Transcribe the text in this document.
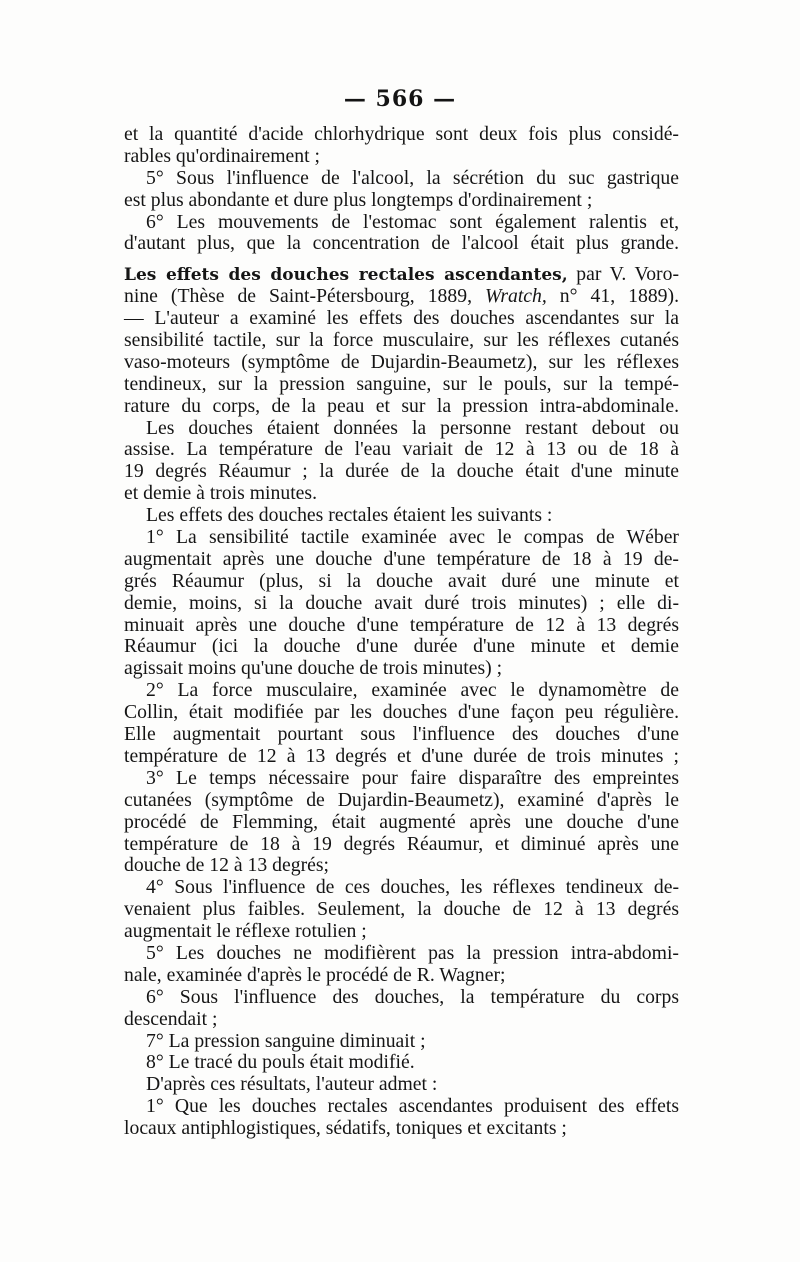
— 566 —
et la quantité d'acide chlorhydrique sont deux fois plus considé-
rables qu'ordinairement ;
5° Sous l'influence de l'alcool, la sécrétion du suc gastrique
est plus abondante et dure plus longtemps d'ordinairement ;
6° Les mouvements de l'estomac sont également ralentis et,
d'autant plus, que la concentration de l'alcool était plus grande.
Les effets des douches rectales ascendantes, par V. Voro-
nine (Thèse de Saint-Pétersbourg, 1889, Wratch, n° 41, 1889).
— L'auteur a examiné les effets des douches ascendantes sur la
sensibilité tactile, sur la force musculaire, sur les réflexes cutanés
vaso-moteurs (symptôme de Dujardin-Beaumetz), sur les réflexes
tendineux, sur la pression sanguine, sur le pouls, sur la tempé-
rature du corps, de la peau et sur la pression intra-abdominale.
Les douches étaient données la personne restant debout ou
assise. La température de l'eau variait de 12 à 13 ou de 18 à
19 degrés Réaumur ; la durée de la douche était d'une minute
et demie à trois minutes.
Les effets des douches rectales étaient les suivants :
1° La sensibilité tactile examinée avec le compas de Wéber
augmentait après une douche d'une température de 18 à 19 de-
grés Réaumur (plus, si la douche avait duré une minute et
demie, moins, si la douche avait duré trois minutes) ; elle di-
minuait après une douche d'une température de 12 à 13 degrés
Réaumur (ici la douche d'une durée d'une minute et demie
agissait moins qu'une douche de trois minutes) ;
2° La force musculaire, examinée avec le dynamomètre de
Collin, était modifiée par les douches d'une façon peu régulière.
Elle augmentait pourtant sous l'influence des douches d'une
température de 12 à 13 degrés et d'une durée de trois minutes ;
3° Le temps nécessaire pour faire disparaître des empreintes
cutanées (symptôme de Dujardin-Beaumetz), examiné d'après le
procédé de Flemming, était augmenté après une douche d'une
température de 18 à 19 degrés Réaumur, et diminué après une
douche de 12 à 13 degrés;
4° Sous l'influence de ces douches, les réflexes tendineux de-
venaient plus faibles. Seulement, la douche de 12 à 13 degrés
augmentait le réflexe rotulien ;
5° Les douches ne modifièrent pas la pression intra-abdomi-
nale, examinée d'après le procédé de R. Wagner;
6° Sous l'influence des douches, la température du corps
descendait ;
7° La pression sanguine diminuait ;
8° Le tracé du pouls était modifié.
D'après ces résultats, l'auteur admet :
1° Que les douches rectales ascendantes produisent des effets
locaux antiphlogistiques, sédatifs, toniques et excitants ;
